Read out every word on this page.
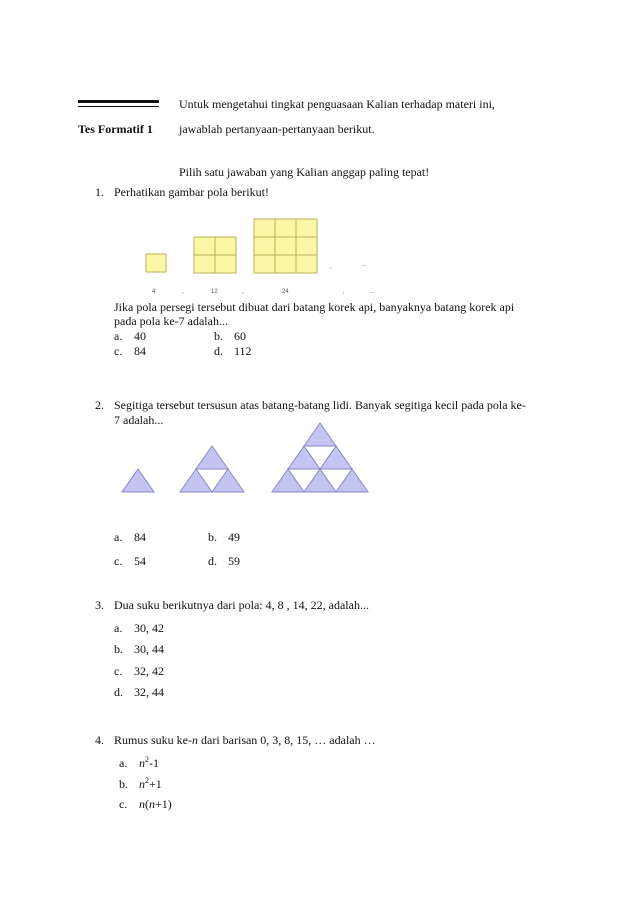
Tes Formatif 1
Untuk mengetahui tingkat penguasaan Kalian terhadap materi ini,
jawablah pertanyaan-pertanyaan berikut.
Pilih satu jawaban yang Kalian anggap paling tepat!
1. Perhatikan gambar pola berikut!
,	...
4	,	12	,	24	,	...
Jika pola persegi tersebut dibuat dari batang korek api, banyaknya batang korek api
pada pola ke-7 adalah...
a. 40	b. 60
c. 84	d. 112
2. Segitiga tersebut tersusun atas batang-batang lidi. Banyak segitiga kecil pada pola ke-
7 adalah...
a. 84	b. 49
c. 54	d. 59
3. Dua suku berikutnya dari pola: 4, 8 , 14, 22, adalah...
a. 30, 42
b. 30, 44
c. 32, 42
d. 32, 44
4. Rumus suku ke-n dari barisan 0, 3, 8, 15, … adalah …
a. $n^2-1$
b. $n^2+1$
c. n(n+1)
